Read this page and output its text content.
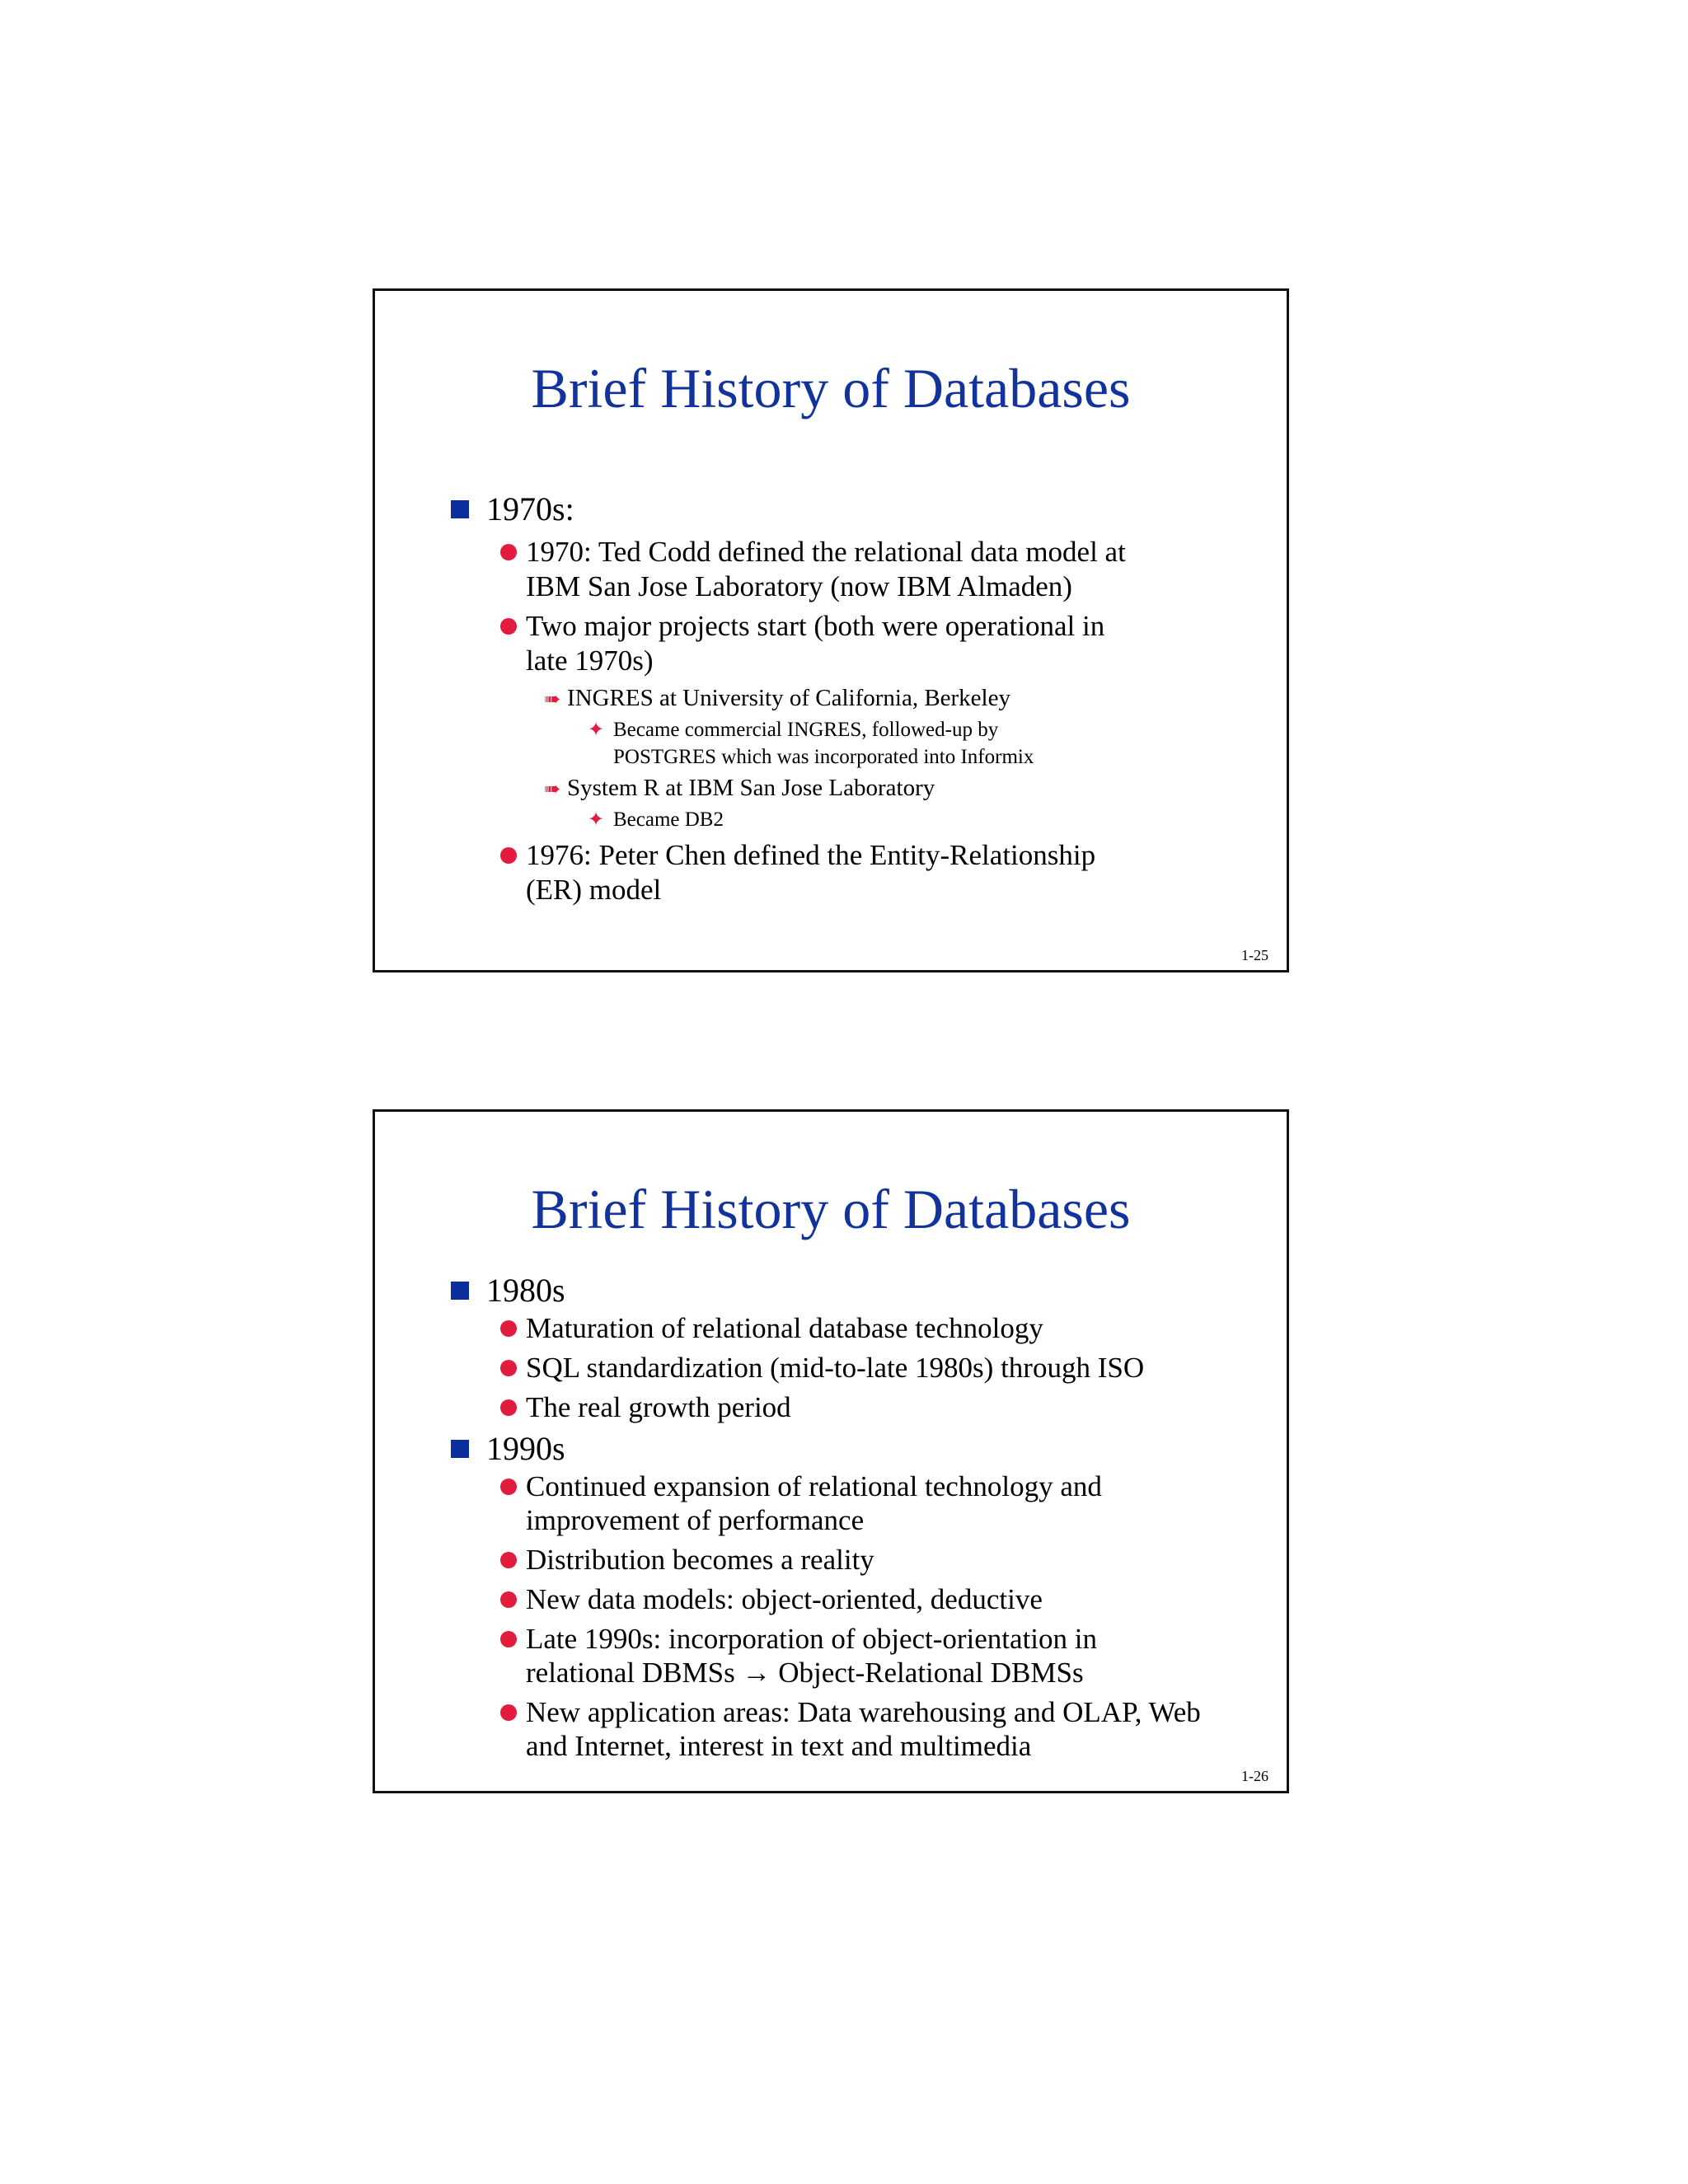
Brief History of Databases
1970s:
1970: Ted Codd defined the relational data model at IBM San Jose Laboratory (now IBM Almaden)
Two major projects start (both were operational in late 1970s)
➠ INGRES at University of California, Berkeley
✦ Became commercial INGRES, followed-up by POSTGRES which was incorporated into Informix
➠ System R at IBM San Jose Laboratory
✦ Became DB2
1976: Peter Chen defined the Entity-Relationship (ER) model
1-25
Brief History of Databases
1980s
Maturation of relational database technology
SQL standardization (mid-to-late 1980s) through ISO
The real growth period
1990s
Continued expansion of relational technology and improvement of performance
Distribution becomes a reality
New data models: object-oriented, deductive
Late 1990s: incorporation of object-orientation in relational DBMSs → Object-Relational DBMSs
New application areas: Data warehousing and OLAP, Web and Internet, interest in text and multimedia
1-26
